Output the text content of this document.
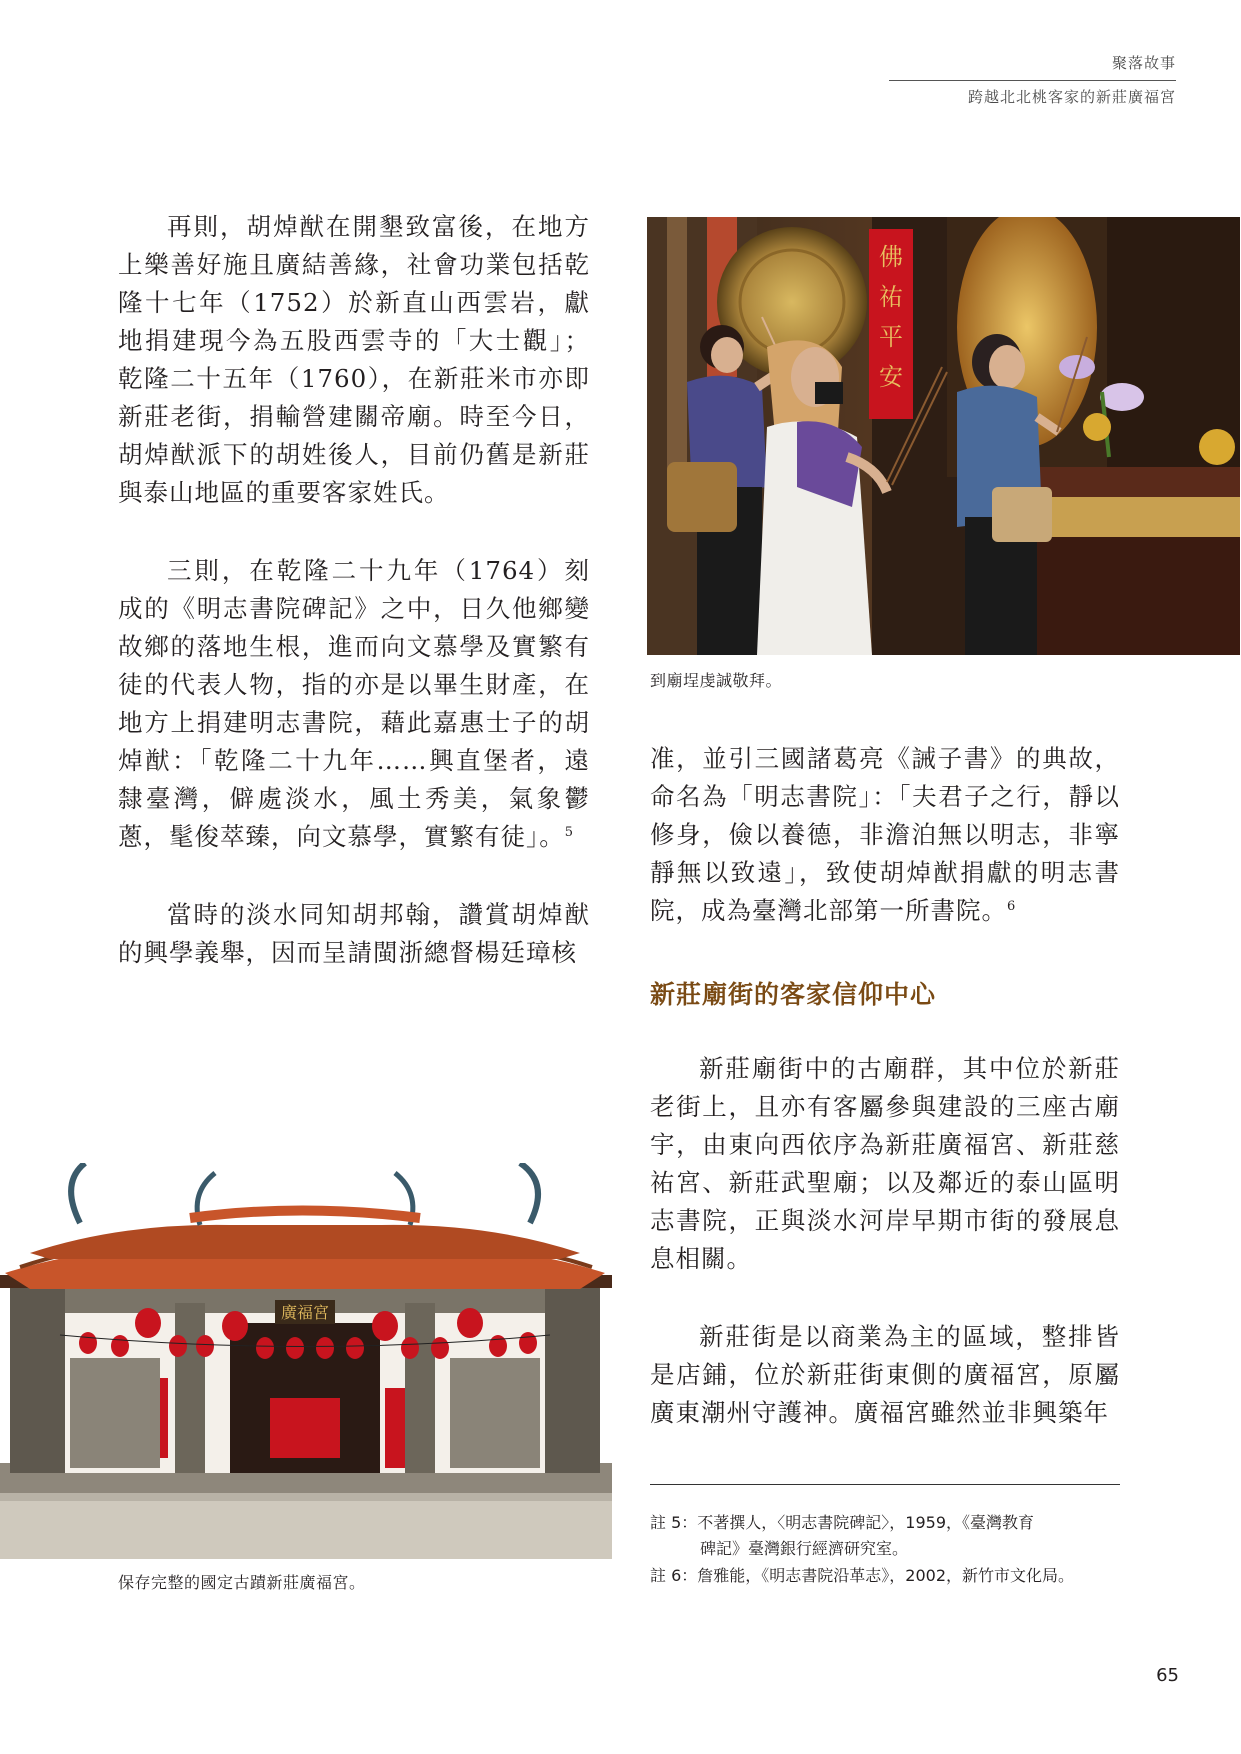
聚落故事
跨越北北桃客家的新莊廣福宮

再則，胡焯猷在開墾致富後，在地方上樂善好施且廣結善緣，社會功業包括乾隆十七年（1752）於新直山西雲岩，獻地捐建現今為五股西雲寺的「大士觀」；乾隆二十五年（1760），在新莊米市亦即新莊老街，捐輸營建關帝廟。時至今日，胡焯猷派下的胡姓後人，目前仍舊是新莊與泰山地區的重要客家姓氏。

三則，在乾隆二十九年（1764）刻成的《明志書院碑記》之中，日久他鄉變故鄉的落地生根，進而向文慕學及實繁有徒的代表人物，指的亦是以畢生財產，在地方上捐建明志書院，藉此嘉惠士子的胡焯猷：「乾隆二十九年……興直堡者，遠隸臺灣，僻處淡水，風土秀美，氣象鬱蔥，髦俊萃臻，向文慕學，實繁有徒」。$^5$

當時的淡水同知胡邦翰，讚賞胡焯猷的興學義舉，因而呈請閩浙總督楊廷璋核

佛
祐
平
安
到廟埕虔誠敬拜。

准，並引三國諸葛亮《誡子書》的典故，命名為「明志書院」：「夫君子之行，靜以修身，儉以養德，非澹泊無以明志，非寧靜無以致遠」，致使胡焯猷捐獻的明志書院，成為臺灣北部第一所書院。$^6$

新莊廟街的客家信仰中心

新莊廟街中的古廟群，其中位於新莊老街上，且亦有客屬參與建設的三座古廟宇，由東向西依序為新莊廣福宮、新莊慈祐宮、新莊武聖廟；以及鄰近的泰山區明志書院，正與淡水河岸早期市街的發展息息相關。

新莊街是以商業為主的區域，整排皆是店鋪，位於新莊街東側的廣福宮，原屬廣東潮州守護神。廣福宮雖然並非興築年

廣福宮
保存完整的國定古蹟新莊廣福宮。

註 5：不著撰人，〈明志書院碑記〉，1959，《臺灣教育
碑記》臺灣銀行經濟研究室。

註 6：詹雅能，《明志書院沿革志》，2002，新竹市文化局。

65
